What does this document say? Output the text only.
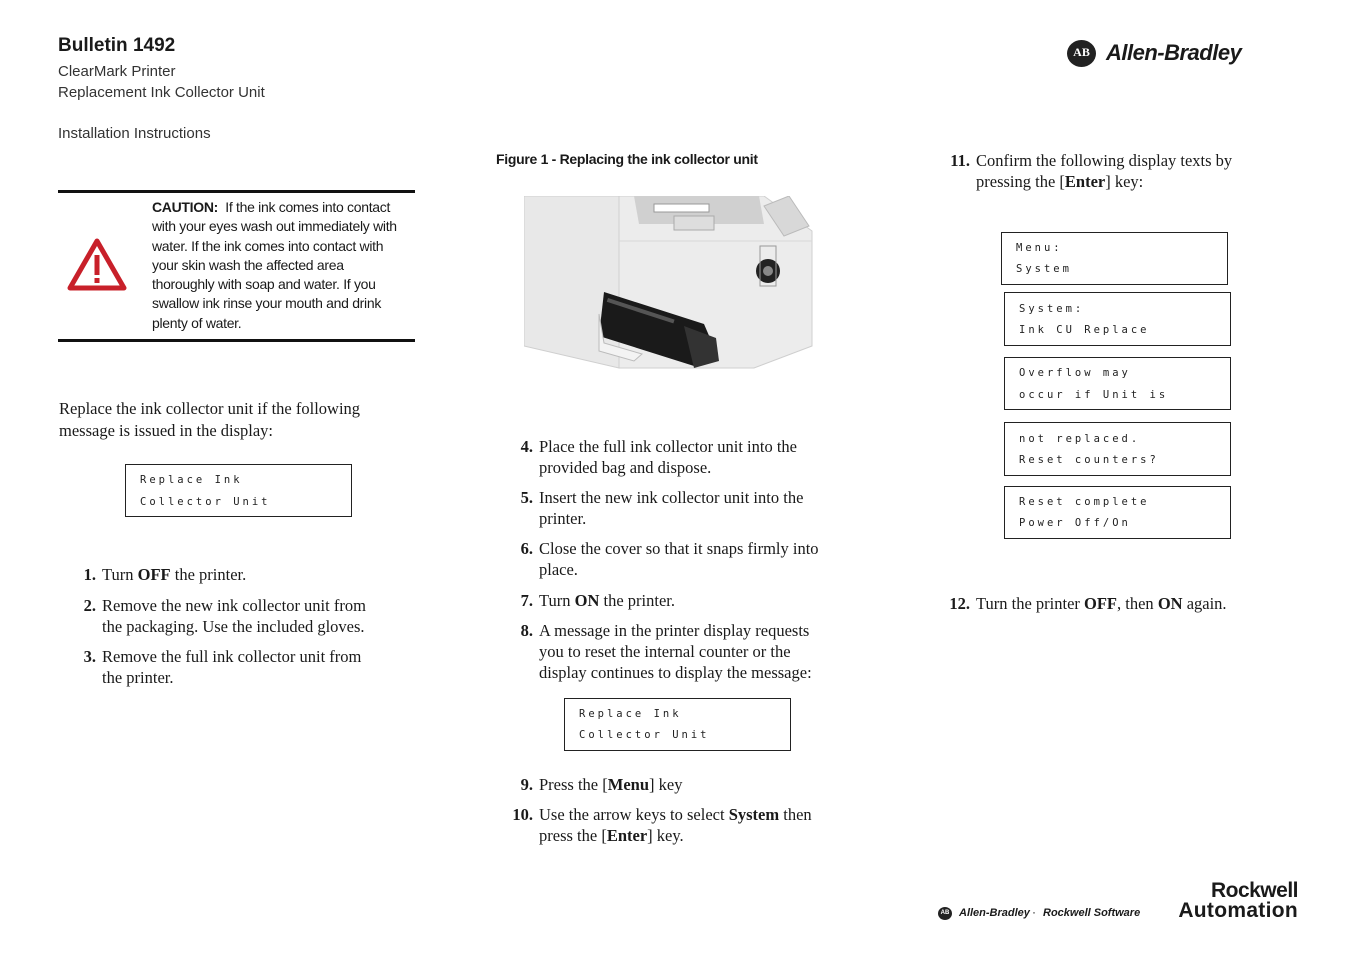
Bulletin 1492
ClearMark Printer
Replacement Ink Collector Unit
Installation Instructions
AB Allen-Bradley
CAUTION: If the ink comes into contact with your eyes wash out immediately with water. If the ink comes into contact with your skin wash the affected area thoroughly with soap and water. If you swallow ink rinse your mouth and drink plenty of water.
Replace the ink collector unit if the following message is issued in the display:
Replace Ink
Collector Unit
1. Turn OFF the printer.
2. Remove the new ink collector unit from the packaging. Use the included gloves.
3. Remove the full ink collector unit from the printer.
Figure 1 - Replacing the ink collector unit
4. Place the full ink collector unit into the provided bag and dispose.
5. Insert the new ink collector unit into the printer.
6. Close the cover so that it snaps firmly into place.
7. Turn ON the printer.
8. A message in the printer display requests you to reset the internal counter or the display continues to display the message:
Replace Ink
Collector Unit
9. Press the [Menu] key
10. Use the arrow keys to select System then press the [Enter] key.
11. Confirm the following display texts by pressing the [Enter] key:
Menu:
System
System:
Ink CU Replace
Overflow may
occur if Unit is
not replaced.
Reset counters?
Reset complete
Power Off/On
12. Turn the printer OFF, then ON again.
AB Allen-Bradley · Rockwell Software
Rockwell
Automation
